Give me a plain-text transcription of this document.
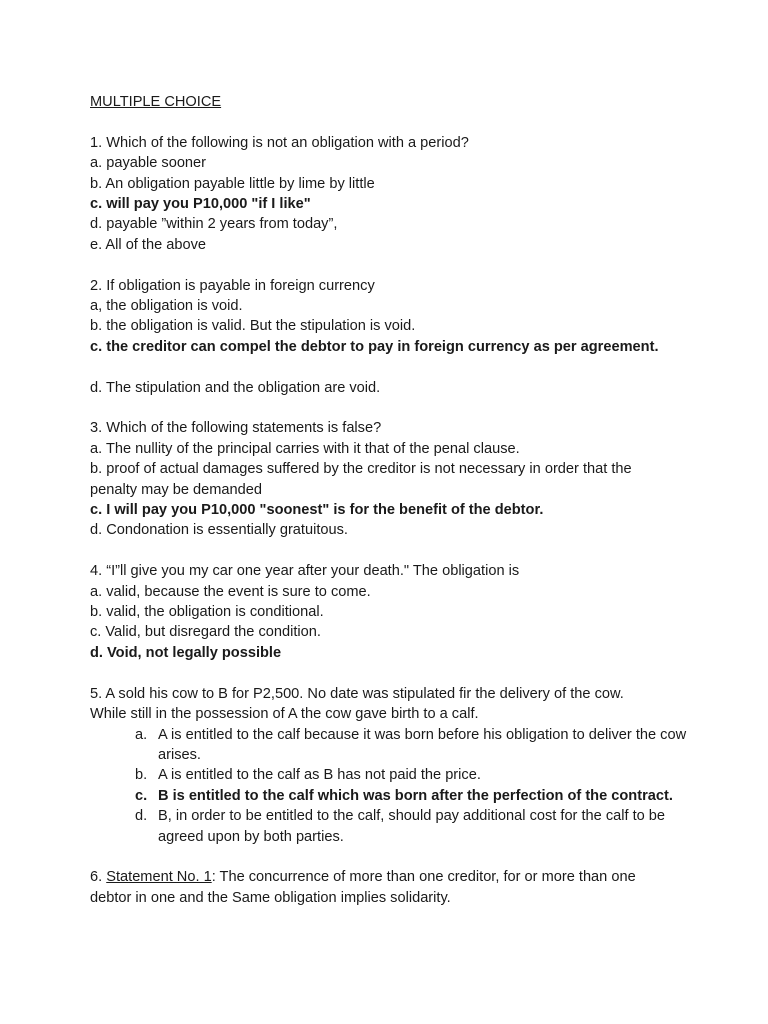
MULTIPLE CHOICE

1. Which of the following is not an obligation with a period?

a. payable sooner

b. An obligation payable little by lime by little

c. will pay you P10,000 "if I like"

d. payable ”within 2 years from today”,

e. All of the above

2. If obligation is payable in foreign currency

a, the obligation is void.

b. the obligation is valid. But the stipulation is void.

c. the creditor can compel the debtor to pay in foreign currency as per agreement.

d. The stipulation and the obligation are void.

3. Which of the following statements is false?

a. The nullity of the principal carries with it that of the penal clause.

b. proof of actual damages suffered by the creditor is not necessary in order that the penalty may be demanded

c. I will pay you P10,000 "soonest" is for the benefit of the debtor.

d. Condonation is essentially gratuitous.

4. “I”ll give you my car one year after your death." The obligation is

a. valid, because the event is sure to come.

b. valid, the obligation is conditional.

c. Valid, but disregard the condition.

d. Void, not legally possible

5. A sold his cow to B for P2,500. No date was stipulated fir the delivery of the cow. While still in the possession of A the cow gave birth to a calf.

a. A is entitled to the calf because it was born before his obligation to deliver the cow arises.
b. A is entitled to the calf as B has not paid the price.
c. B is entitled to the calf which was born after the perfection of the contract.
d. B, in order to be entitled to the calf, should pay additional cost for the calf to be agreed upon by both parties.

6. Statement No. 1: The concurrence of more than one creditor, for or more than one debtor in one and the Same obligation implies solidarity.
